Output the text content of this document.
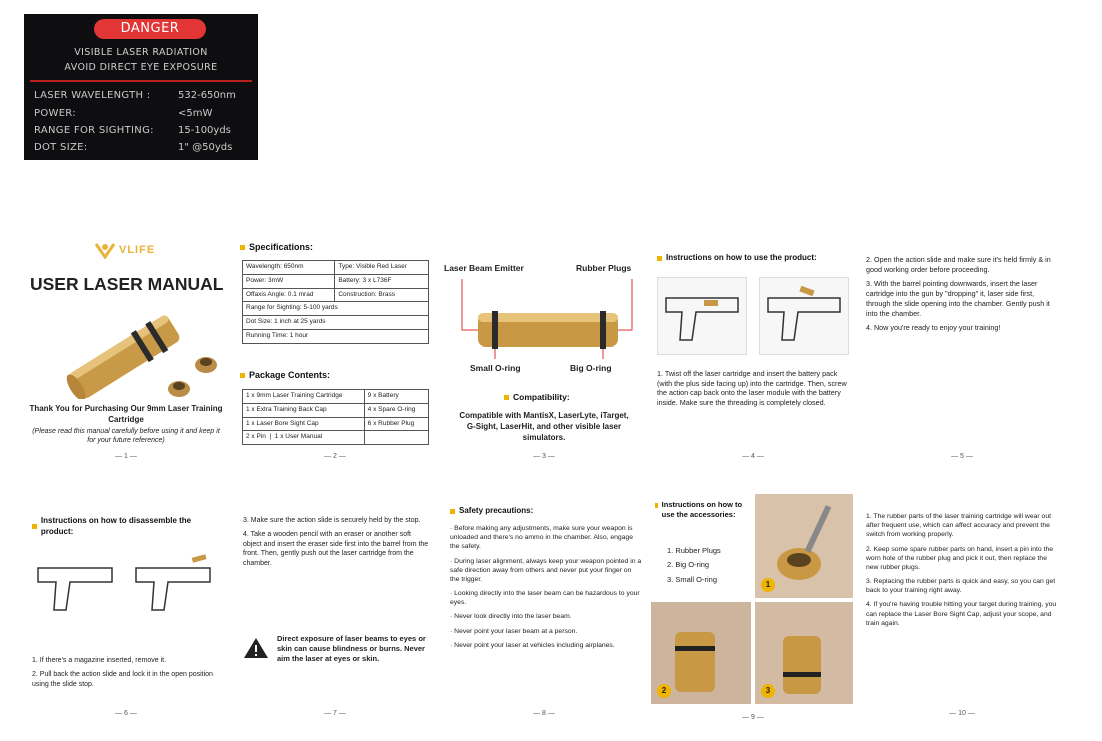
DANGER
VISIBLE LASER RADIATION
AVOID DIRECT EYE EXPOSURE
LASER WAVELENGTH :	532-650nm
POWER:	<5mW
RANGE FOR SIGHTING: 15-100yds
DOT SIZE:	1" @50yds
VLIFE
USER LASER MANUAL
Thank You for Purchasing Our 9mm Laser Training Cartridge
(Please read this manual carefully before using it and keep it for your future reference)
— 1 —
Specifications:
Wavelength: 650nm	Type: Visible Red Laser
Power: 3mW	Battery: 3 x L736F
Offaxis Angle: 0.1 mrad	Construction: Brass
Range for Sighting: 5-100 yards	
Dot Size: 1 inch at 25 yards	
Running Time: 1 hour	
Package Contents:
1 x 9mm Laser Training Cartridge	9 x Battery
1 x Extra Training Back Cap	4 x Spare O-ring
1 x Laser Bore Sight Cap	6 x Rubber Plug
2 x Pin  |  1 x User Manual	
— 2 —
Laser Beam Emitter	Rubber Plugs
Small O-ring	Big O-ring
Compatibility:
Compatible with MantisX, LaserLyte, iTarget, G-Sight, LaserHit, and other visible laser simulators.
— 3 —
Instructions on how to use the product:
1. Twist off the laser cartridge and insert the battery pack (with the plus side facing up) into the cartridge. Then, screw the action cap back onto the laser module with the battery inside. Make sure the threading is completely closed.
— 4 —

2. Open the action slide and make sure it's held firmly & in good working order before proceeding.

3. With the barrel pointing downwards, insert the laser cartridge into the gun by "dropping" it, laser side first, through the slide opening into the chamber. Gently push it into the chamber.

4. Now you're ready to enjoy your training!

— 5 —
Instructions on how to disassemble the product:

1. If there's a magazine inserted, remove it.

2. Pull back the action slide and lock it in the open position using the slide stop.

— 6 —

3. Make sure the action slide is securely held by the stop.

4. Take a wooden pencil with an eraser or another soft object and insert the eraser side first into the barrel from the front. Then, gently push out the laser cartridge from the chamber.

Direct exposure of laser beams to eyes or skin can cause blindness or burns. Never aim the laser at eyes or skin.
— 7 —
Safety precautions:

· Before making any adjustments, make sure your weapon is unloaded and there's no ammo in the chamber. Also, engage the safety.

· During laser alignment, always keep your weapon pointed in a safe direction away from others and never put your finger on the trigger.

· Looking directly into the laser beam can be hazardous to your eyes.

· Never look directly into the laser beam.

· Never point your laser beam at a person.

· Never point your laser at vehicles including airplanes.

— 8 —
Instructions on how to use the accessories:
1. Rubber Plugs
2. Big O-ring
3. Small O-ring
1
2	3
— 9 —

1. The rubber parts of the laser training cartridge will wear out after frequent use, which can affect accuracy and prevent the switch from working properly.

2. Keep some spare rubber parts on hand, insert a pin into the worn hole of the rubber plug and pick it out, then replace the new rubber plugs.

3. Replacing the rubber parts is quick and easy, so you can get back to your training right away.

4. If you're having trouble hitting your target during training, you can replace the Laser Bore Sight Cap, adjust your scope, and train again.

— 10 —
